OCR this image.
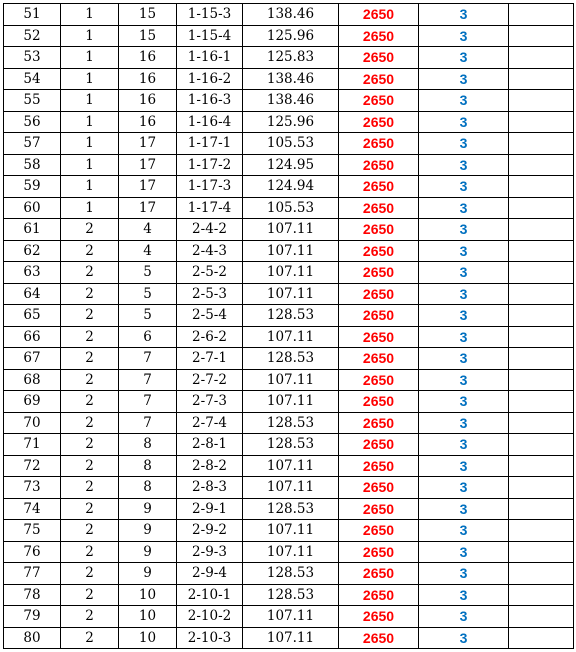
51	1	15	1-15-3	138.46	2650	3	
52	1	15	1-15-4	125.96	2650	3	
53	1	16	1-16-1	125.83	2650	3	
54	1	16	1-16-2	138.46	2650	3	
55	1	16	1-16-3	138.46	2650	3	
56	1	16	1-16-4	125.96	2650	3	
57	1	17	1-17-1	105.53	2650	3	
58	1	17	1-17-2	124.95	2650	3	
59	1	17	1-17-3	124.94	2650	3	
60	1	17	1-17-4	105.53	2650	3	
61	2	4	2-4-2	107.11	2650	3	
62	2	4	2-4-3	107.11	2650	3	
63	2	5	2-5-2	107.11	2650	3	
64	2	5	2-5-3	107.11	2650	3	
65	2	5	2-5-4	128.53	2650	3	
66	2	6	2-6-2	107.11	2650	3	
67	2	7	2-7-1	128.53	2650	3	
68	2	7	2-7-2	107.11	2650	3	
69	2	7	2-7-3	107.11	2650	3	
70	2	7	2-7-4	128.53	2650	3	
71	2	8	2-8-1	128.53	2650	3	
72	2	8	2-8-2	107.11	2650	3	
73	2	8	2-8-3	107.11	2650	3	
74	2	9	2-9-1	128.53	2650	3	
75	2	9	2-9-2	107.11	2650	3	
76	2	9	2-9-3	107.11	2650	3	
77	2	9	2-9-4	128.53	2650	3	
78	2	10	2-10-1	128.53	2650	3	
79	2	10	2-10-2	107.11	2650	3	
80	2	10	2-10-3	107.11	2650	3	
